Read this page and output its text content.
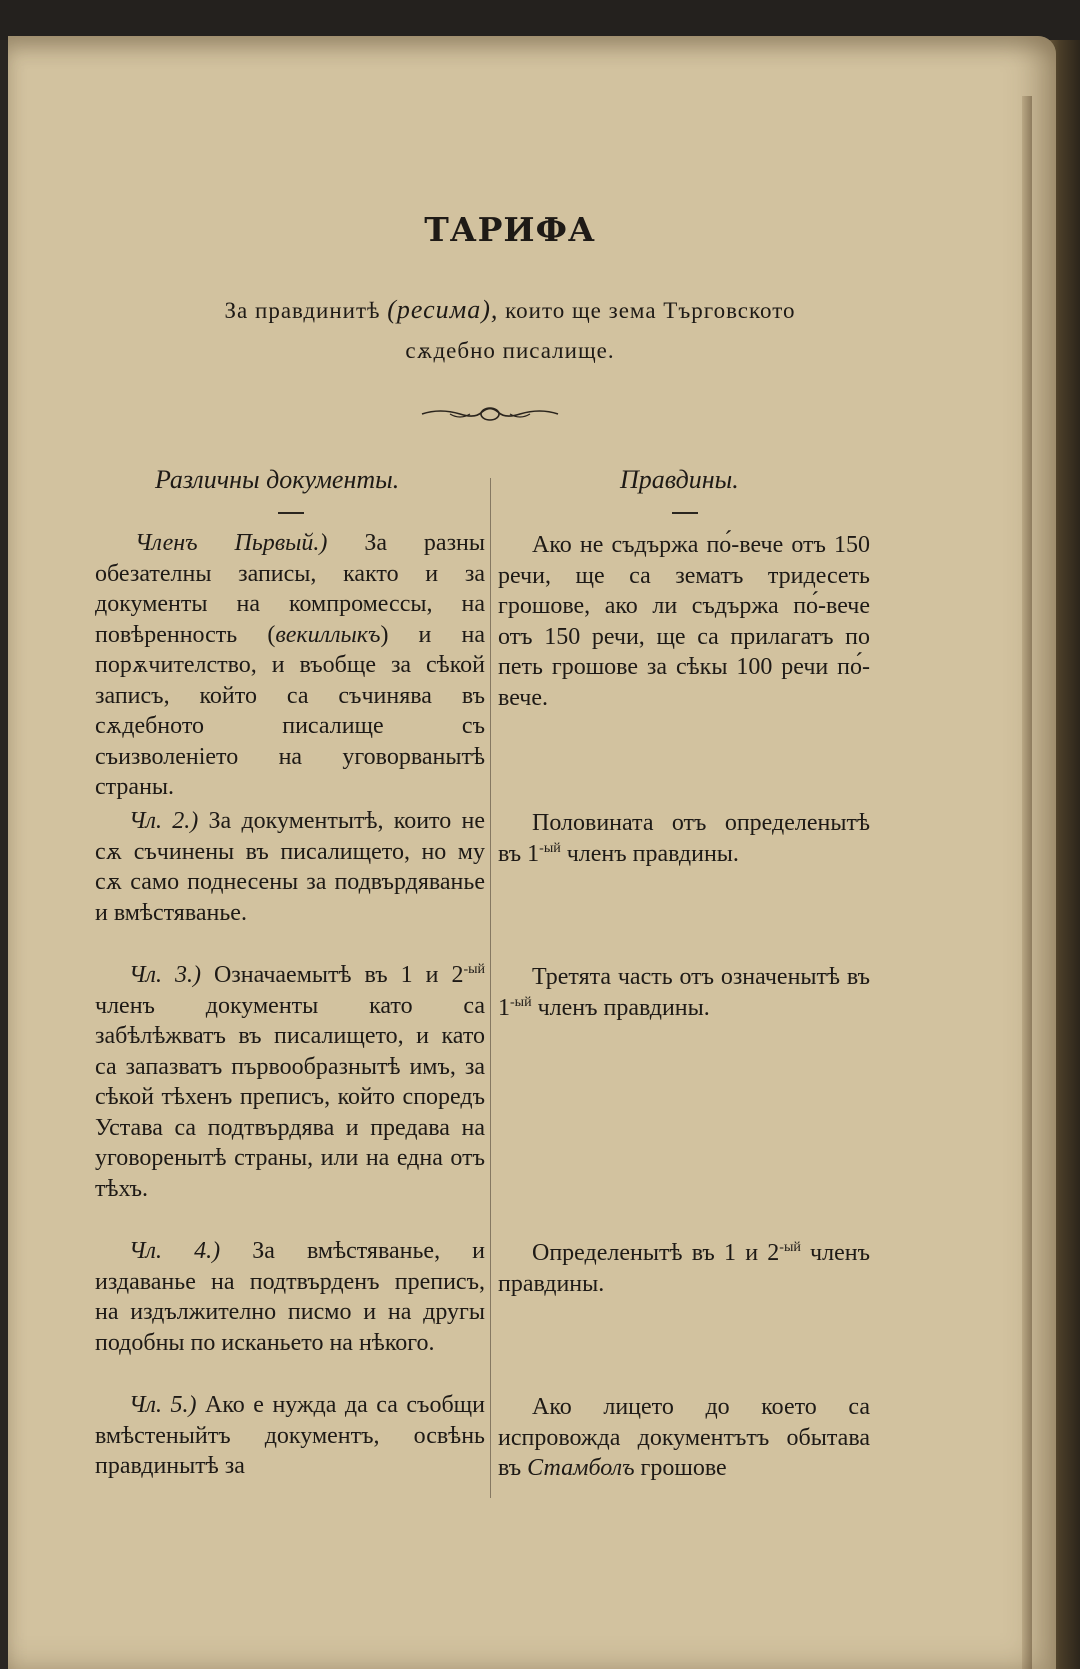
ТАРИФА
За правдинитѣ (ресима), които ще зема Търговското
сѫдебно писалище.
Различны документы.	Правдины.

Членъ Пьрвый.) За разны обезателны записы, както и за документы на компромессы, на повѣренность (векиллыкъ) и на порѫчителство, и въобще за сѣкой записъ, който са съчинява въ сѫдебното писалище съ съизволеніето на уговорванытѣ страны.

Ако не съдържа по́-вече отъ 150 речи, ще са зематъ тридесеть грошове, ако ли съдържа по́-вече отъ 150 речи, ще са прилагатъ по петь грошове за сѣкы 100 речи по́-вече.

Чл. 2.) За документытѣ, които не сѫ съчинены въ писалището, но му сѫ само поднесены за подвърдяванье и вмѣстяванье.

Половината отъ определенытѣ въ $1^{-ый}$ членъ правдины.

Чл. 3.) Означаемытѣ въ 1 и $2^{-ый}$ членъ документы като са забѣлѣжватъ въ писалището, и като са запазватъ първообразнытѣ имъ, за сѣкой тѣхенъ преписъ, който споредъ Устава са подтвърдява и предава на уговоренытѣ страны, или на една отъ тѣхъ.

Третята часть отъ означенытѣ въ $1^{-ый}$ членъ правдины.

Чл. 4.) За вмѣстяванье, и издаванье на подтвърденъ преписъ, на издължително писмо и на другы подобны по исканьето на нѣкого.

Определенытѣ въ 1 и $2^{-ый}$ членъ правдины.

Чл. 5.) Ако е нужда да са съобщи вмѣстеныйтъ документъ, освѣнь правдинытѣ за

Ако лицето до което са испровожда документътъ обытава въ Стамболъ грошове
